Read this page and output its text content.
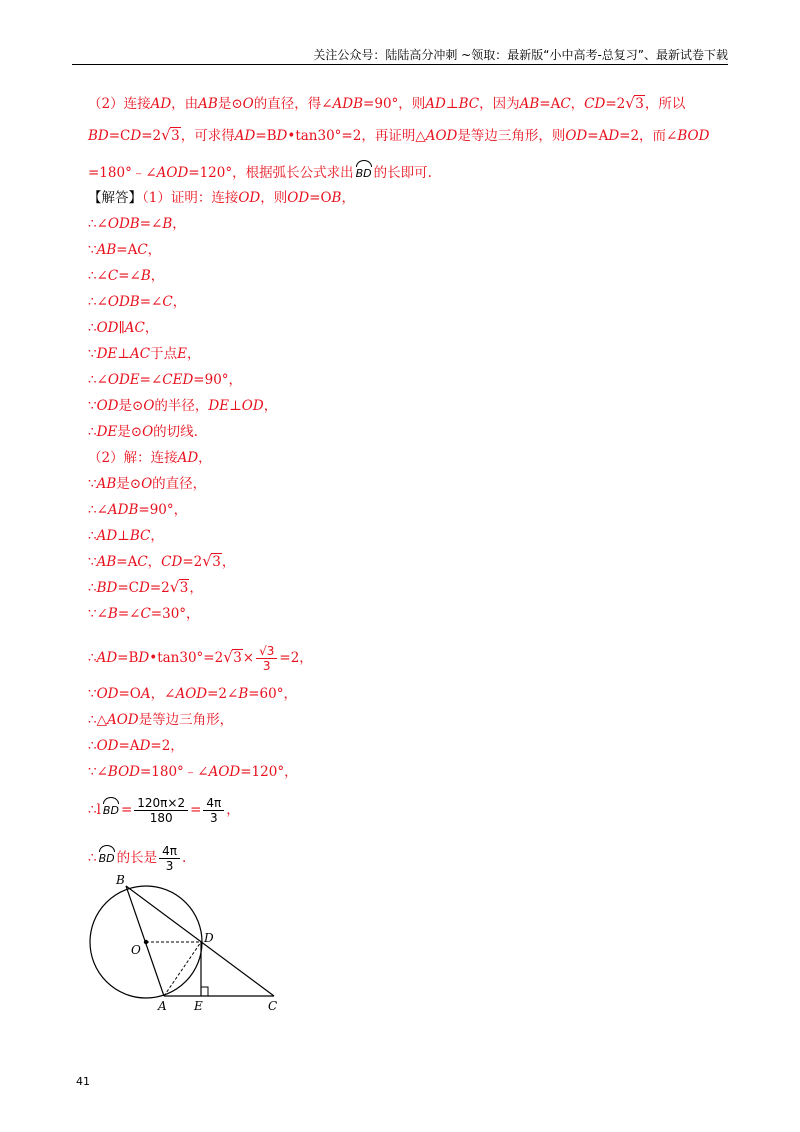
关注公众号：陆陆高分冲刺 ~领取：最新版“小中高考-总复习”、最新试卷下载
（2）连接AD，由AB是⊙O的直径，得∠ADB=90°，则AD⊥BC，因为AB=AC，CD=2 √ 3，所以
BD=CD=2 √ 3，可求得AD=BD•tan30°=2，再证明△AOD是等边三角形，则OD=AD=2，而∠BOD
=180°﹣∠AOD=120°，根据弧长公式求出 BD 的长即可.
【解答】（1）证明：连接OD，则OD=OB，
∴∠ODB=∠B，
∵AB=AC，
∴∠C=∠B，
∴∠ODB=∠C，
∴OD∥AC，
∵DE⊥AC于点E，
∴∠ODE=∠CED=90°，
∵OD是⊙O的半径，DE⊥OD，
∴DE是⊙O的切线.
（2）解：连接AD，
∵AB是⊙O的直径，
∴∠ADB=90°，
∴AD⊥BC，
∵AB=AC，CD=2 √ 3，
∴BD=CD=2 √ 3，
∵∠B=∠C=30°，
∴AD=BD•tan30°=2 √ $3\times \frac{√3}{3} =2$，
∵OD=OA，∠AOD=2∠B=60°，
∴△AOD是等边三角形，
∴OD=AD=2，
∵∠BOD=180°﹣∠AOD=120°，
∴l BD = $\frac{120\pi\times 2}{180} = \frac{4\pi}{3}$ ，
∴ BD 的长是 $\frac{4\pi}{3}$ .
B
O
D
A E	C
41
